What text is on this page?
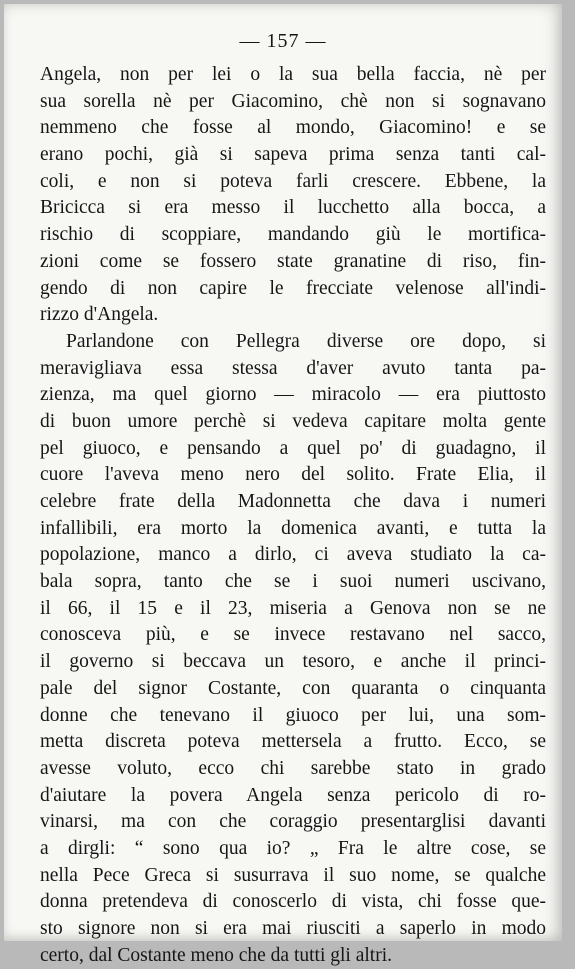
— 157 —
Angela, non per lei o la sua bella faccia, nè per
sua sorella nè per Giacomino, chè non si sognavano
nemmeno che fosse al mondo, Giacomino! e se
erano pochi, già si sapeva prima senza tanti cal-
coli, e non si poteva farli crescere. Ebbene, la
Bricicca si era messo il lucchetto alla bocca, a
rischio di scoppiare, mandando giù le mortifica-
zioni come se fossero state granatine di riso, fin-
gendo di non capire le frecciate velenose all'indi-
rizzo d'Angela.
Parlandone con Pellegra diverse ore dopo, si
meravigliava essa stessa d'aver avuto tanta pa-
zienza, ma quel giorno — miracolo — era piuttosto
di buon umore perchè si vedeva capitare molta gente
pel giuoco, e pensando a quel po' di guadagno, il
cuore l'aveva meno nero del solito. Frate Elia, il
celebre frate della Madonnetta che dava i numeri
infallibili, era morto la domenica avanti, e tutta la
popolazione, manco a dirlo, ci aveva studiato la ca-
bala sopra, tanto che se i suoi numeri uscivano,
il 66, il 15 e il 23, miseria a Genova non se ne
conosceva più, e se invece restavano nel sacco,
il governo si beccava un tesoro, e anche il princi-
pale del signor Costante, con quaranta o cinquanta
donne che tenevano il giuoco per lui, una som-
metta discreta poteva mettersela a frutto. Ecco, se
avesse voluto, ecco chi sarebbe stato in grado
d'aiutare la povera Angela senza pericolo di ro-
vinarsi, ma con che coraggio presentarglisi davanti
a dirgli: “ sono qua io? „ Fra le altre cose, se
nella Pece Greca si susurrava il suo nome, se qualche
donna pretendeva di conoscerlo di vista, chi fosse que-
sto signore non si era mai riusciti a saperlo in modo
certo, dal Costante meno che da tutti gli altri.
